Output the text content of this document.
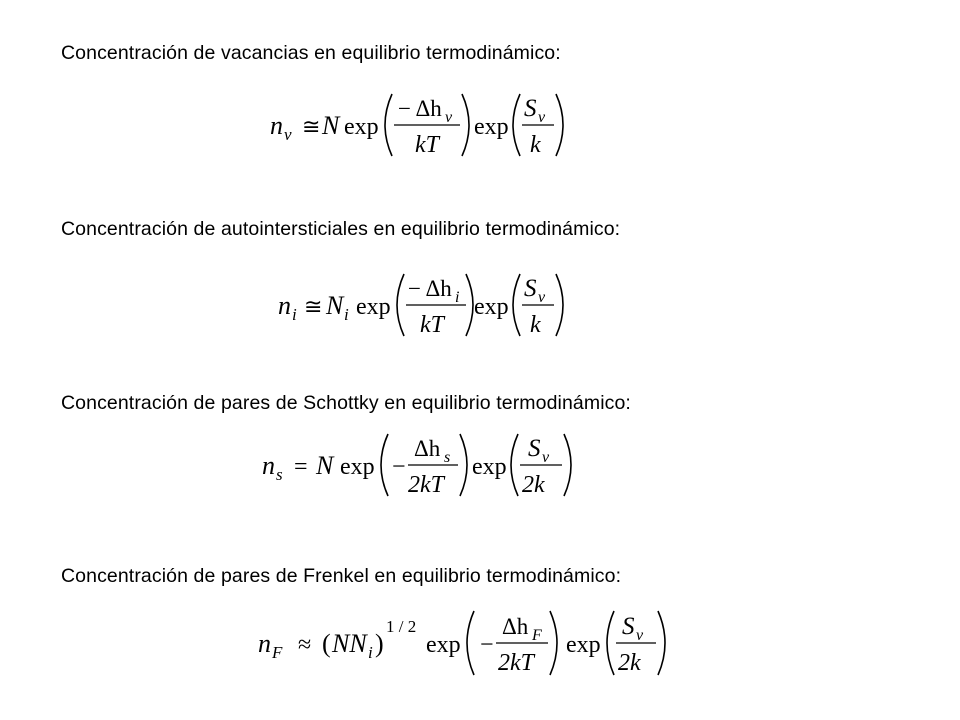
Concentración de vacancias en equilibrio termodinámico:
n v ≅ N exp
− Δh v
kT
exp
S v
k
Concentración de autointersticiales en equilibrio termodinámico:
n i ≅ N i exp
− Δh i
kT
exp
S v
k
Concentración de pares de Schottky en equilibrio termodinámico:
n s = N exp −
Δh s
2kT
exp
S v
2k
Concentración de pares de Frenkel en equilibrio termodinámico:
n F ≈ ( NN i )
1 / 2
exp −
Δh F
2kT
exp
S v
2k
